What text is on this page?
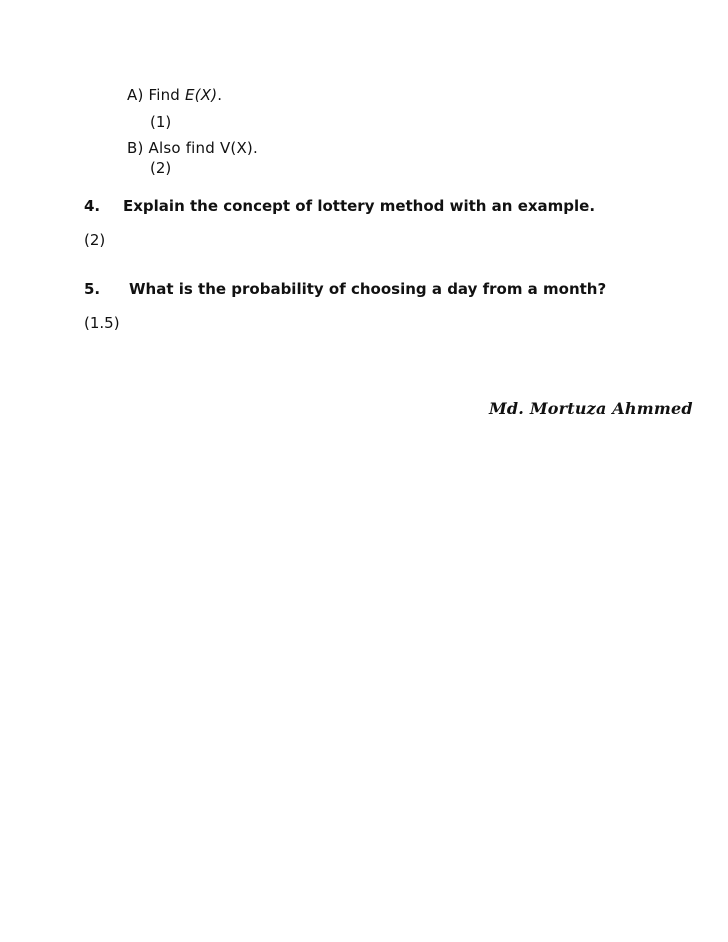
A) Find E(X).
(1)
B) Also find V(X).
(2)
4. Explain the concept of lottery method with an example.
(2)
5. What is the probability of choosing a day from a month?
(1.5)
Md. Mortuza Ahmmed
